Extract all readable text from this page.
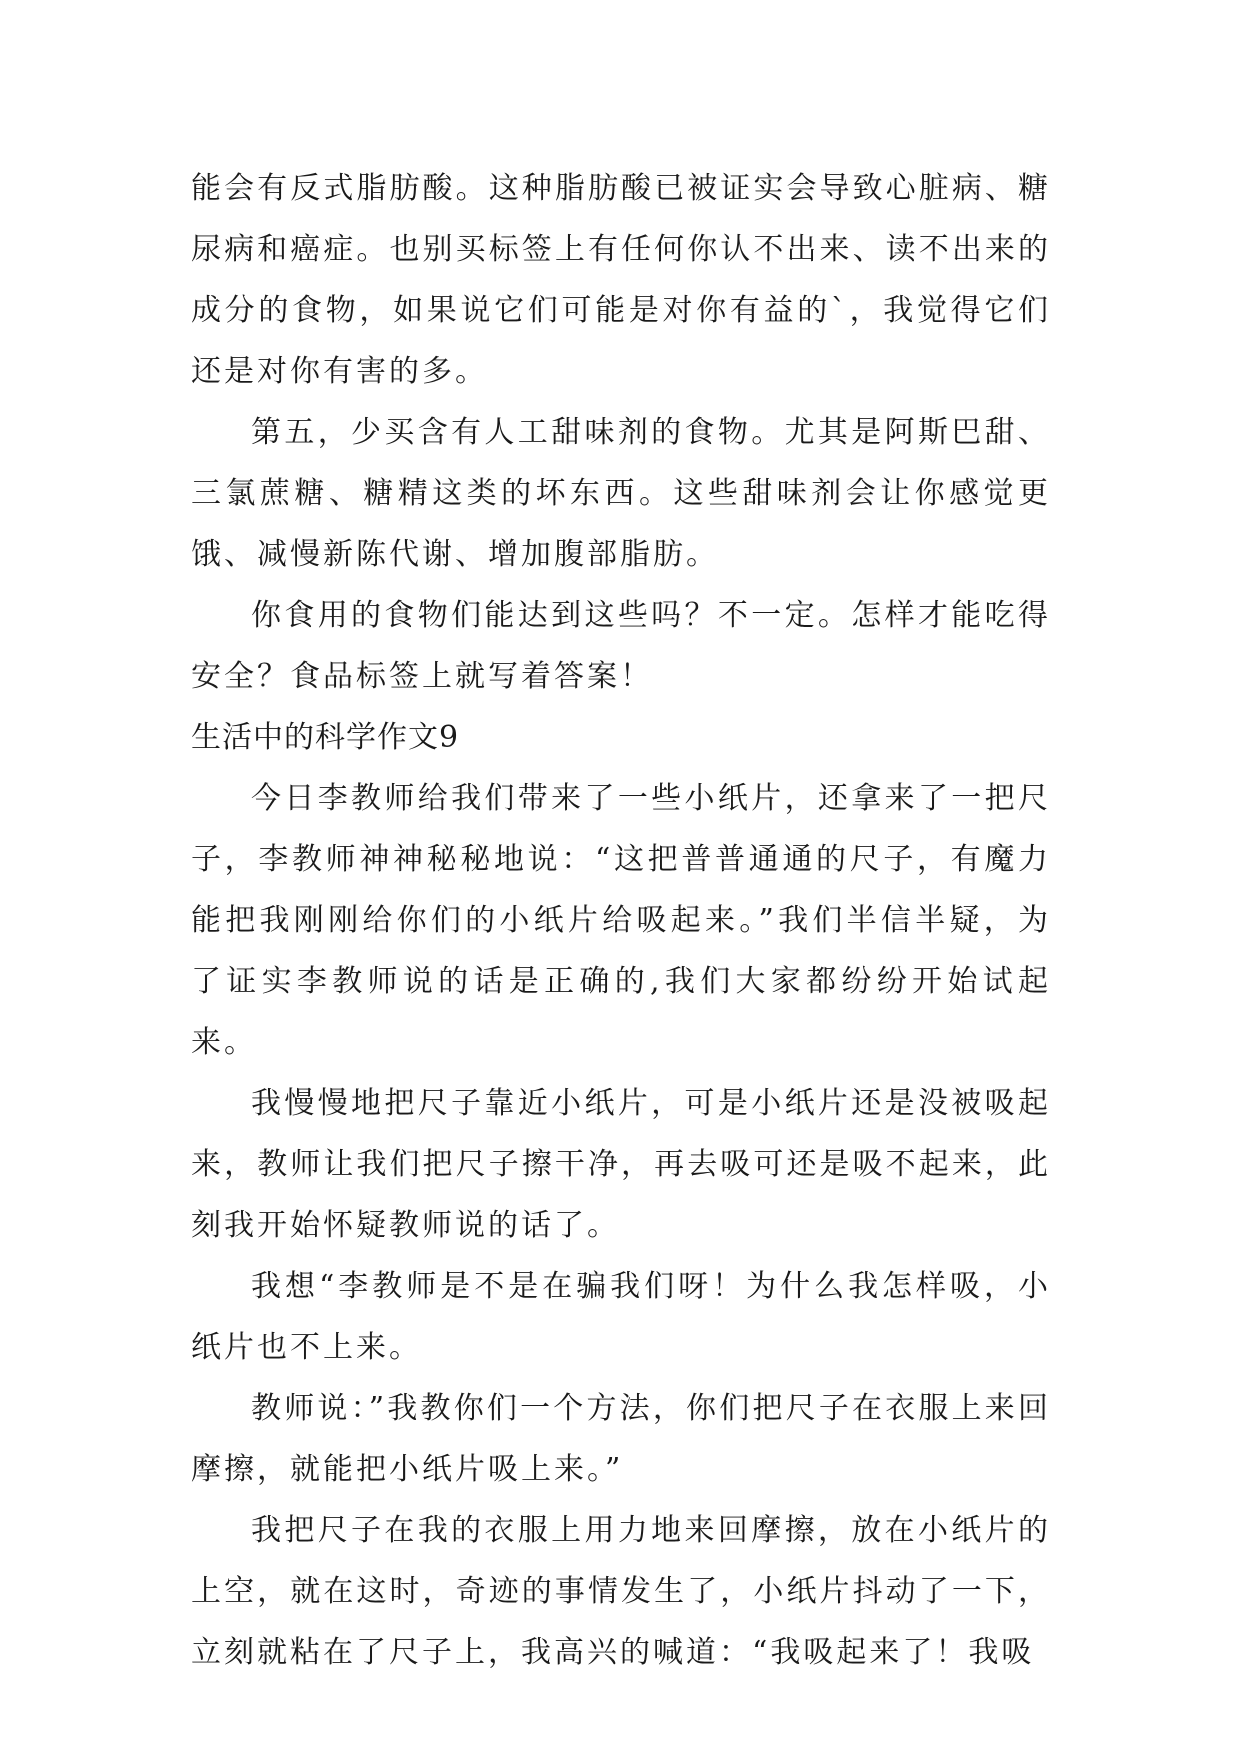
能会有反式脂肪酸。这种脂肪酸已被证实会导致心脏病、糖尿病和癌症。也别买标签上有任何你认不出来、读不出来的成分的食物，如果说它们可能是对你有益的`，我觉得它们还是对你有害的多。

第五，少买含有人工甜味剂的食物。尤其是阿斯巴甜、三氯蔗糖、糖精这类的坏东西。这些甜味剂会让你感觉更饿、减慢新陈代谢、增加腹部脂肪。

你食用的食物们能达到这些吗？不一定。怎样才能吃得安全？食品标签上就写着答案！

生活中的科学作文9

今日李教师给我们带来了一些小纸片，还拿来了一把尺子，李教师神神秘秘地说：“这把普普通通的尺子，有魔力能把我刚刚给你们的小纸片给吸起来。”我们半信半疑，为了证实李教师说的话是正确的,我们大家都纷纷开始试起来。

我慢慢地把尺子靠近小纸片，可是小纸片还是没被吸起来，教师让我们把尺子擦干净，再去吸可还是吸不起来，此刻我开始怀疑教师说的话了。

我想“李教师是不是在骗我们呀！为什么我怎样吸，小纸片也不上来。

教师说：”我教你们一个方法，你们把尺子在衣服上来回摩擦，就能把小纸片吸上来。”

我把尺子在我的衣服上用力地来回摩擦，放在小纸片的上空，就在这时，奇迹的事情发生了，小纸片抖动了一下，立刻就粘在了尺子上，我高兴的喊道：“我吸起来了！我吸
